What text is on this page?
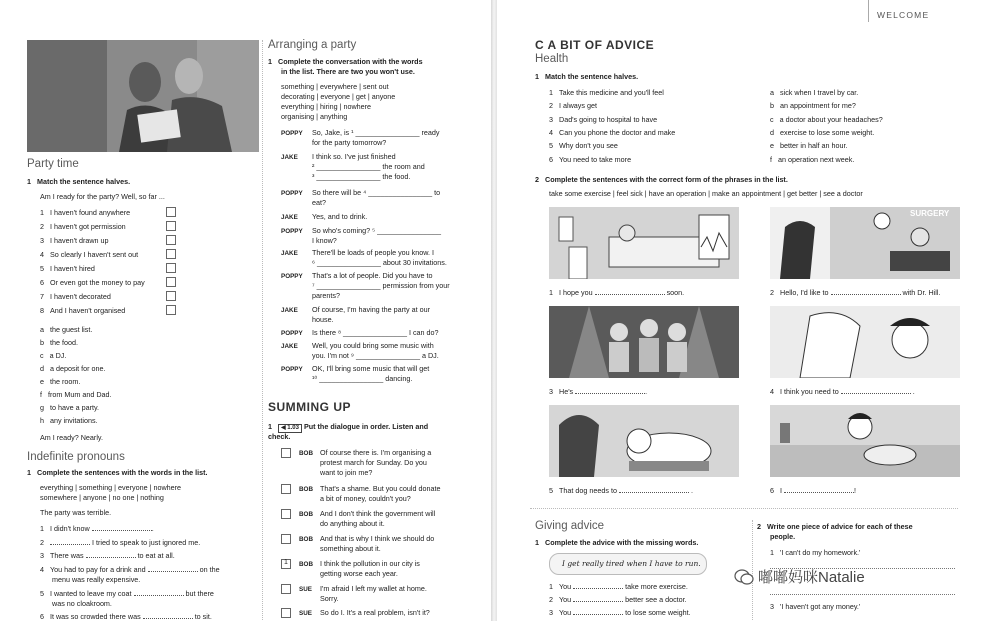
WELCOME
Party time
1 Match the sentence halves.
Am I ready for the party? Well, so far ...
1 I haven't found anywhere
2 I haven't got permission
3 I haven't drawn up
4 So clearly I haven't sent out
5 I haven't hired
6 Or even got the money to pay
7 I haven't decorated
8 And I haven't organised
a the guest list.
b the food.
c a DJ.
d a deposit for one.
e the room.
f from Mum and Dad.
g to have a party.
h any invitations.
Am I ready? Nearly.
Indefinite pronouns
1 Complete the sentences with the words in the list.
everything | something | everyone | nowhere
somewhere | anyone | no one | nothing
The party was terrible.
1 I didn't know	.
2	I tried to speak to just ignored me.
3 There was	to eat at all.
4 You had to pay for a drink and	on the
menu was really expensive.
5 I wanted to leave my coat	but there
was no cloakroom.
6 It was so crowded there was	to sit.
Arranging a party
1 Complete the conversation with the words
in the list. There are two you won't use.
something | everywhere | sent out
decorating | everyone | get | anyone
everything | hiring | nowhere
organising | anything
POPPY So, Jake, is ¹ ________________ ready
for the party tomorrow?
JAKE I think so. I've just finished
² ________________ the room and
³ ________________ the food.
POPPY So there will be ⁴ ________________ to
eat?
JAKE Yes, and to drink.
POPPY So who's coming? ⁵ ________________
I know?
JAKE There'll be loads of people you know. I
⁶ ________________ about 30 invitations.
POPPY That's a lot of people. Did you have to
⁷ ________________ permission from your
parents?
JAKE Of course, I'm having the party at our
house.
POPPY Is there ⁸ ________________ I can do?
JAKE Well, you could bring some music with
you. I'm not ⁹ ________________ a DJ.
POPPY OK, I'll bring some music that will get
¹⁰ ________________ dancing.
SUMMING UP
1 ◀ 1.03 Put the dialogue in order. Listen and
check.
BOB Of course there is. I'm organising a
protest march for Sunday. Do you
want to join me?
BOB That's a shame. But you could donate
a bit of money, couldn't you?
BOB And I don't think the government will
do anything about it.
BOB And that is why I think we should do
something about it.
1 BOB I think the pollution in our city is
getting worse each year.
SUE I'm afraid I left my wallet at home.
Sorry.
SUE So do I. It's a real problem, isn't it?
C A BIT OF ADVICE
Health
1 Match the sentence halves.
1 Take this medicine and you'll feel
2 I always get
3 Dad's going to hospital to have
4 Can you phone the doctor and make
5 Why don't you see
6 You need to take more
a sick when I travel by car.
b an appointment for me?
c a doctor about your headaches?
d exercise to lose some weight.
e better in half an hour.
f an operation next week.
2 Complete the sentences with the correct form of the phrases in the list.
take some exercise | feel sick | have an operation | make an appointment | get better | see a doctor
SURGERY
1 I hope you	soon.	2 Hello, I'd like to	with Dr. Hill.
3 He's	.	4 I think you need to	.
5 That dog needs to	.	6 I	!
Giving advice
1 Complete the advice with the missing words.
I get really tired when I have to run.
1 You	take more exercise.
2 You	better see a doctor.
3 You	to lose some weight.
2 Write one piece of advice for each of these
people.
1 'I can't do my homework.'
3 'I haven't got any money.'
嘟嘟妈咪Natalie
